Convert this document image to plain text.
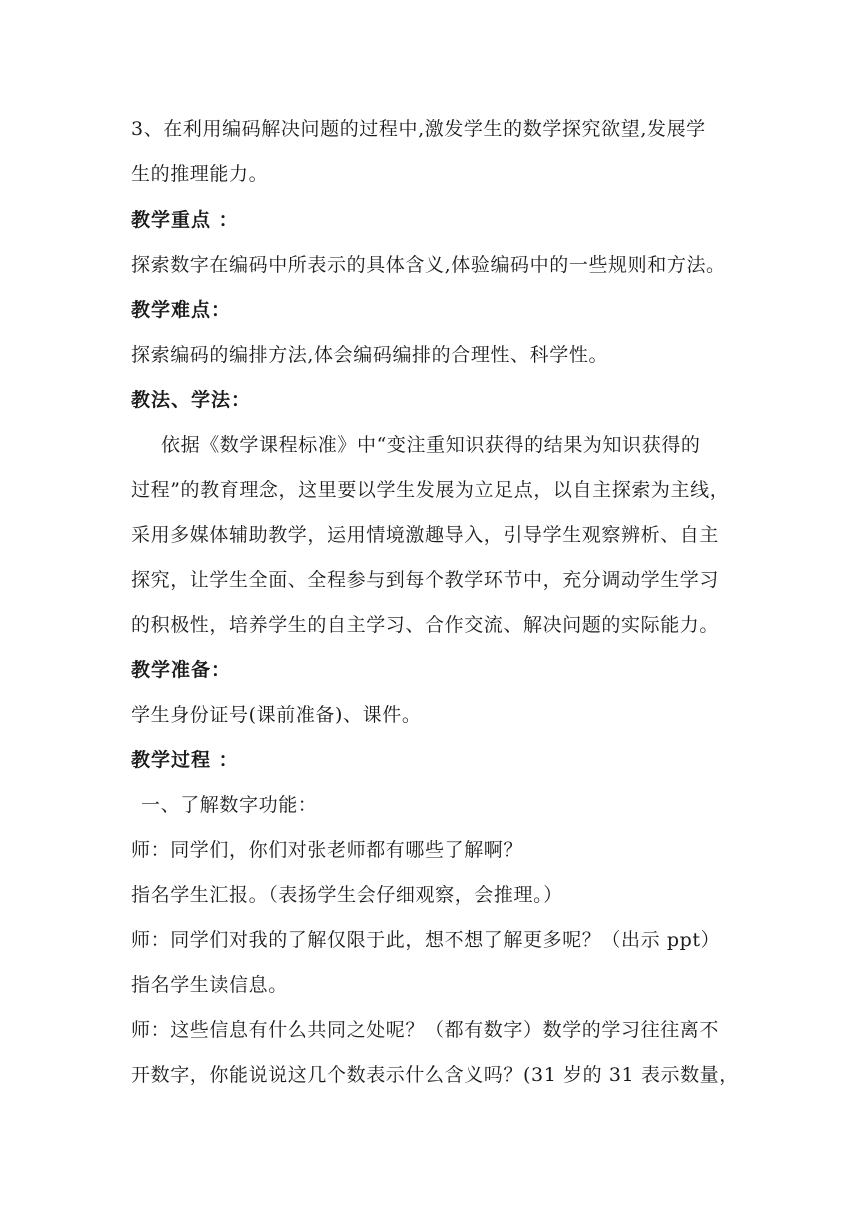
3、在利用编码解决问题的过程中,激发学生的数学探究欲望,发展学
生的推理能力。
教学重点 ：
探索数字在编码中所表示的具体含义,体验编码中的一些规则和方法。
教学难点：
探索编码的编排方法,体会编码编排的合理性、科学性。
教法、学法：
依据《数学课程标准》中“变注重知识获得的结果为知识获得的
过程”的教育理念，这里要以学生发展为立足点，以自主探索为主线，
采用多媒体辅助教学，运用情境激趣导入，引导学生观察辨析、自主
探究，让学生全面、全程参与到每个教学环节中，充分调动学生学习
的积极性，培养学生的自主学习、合作交流、解决问题的实际能力。
教学准备：
学生身份证号(课前准备)、课件。
教学过程 ：
一、了解数字功能：
师：同学们，你们对张老师都有哪些了解啊？
指名学生汇报。（表扬学生会仔细观察，会推理。）
师：同学们对我的了解仅限于此，想不想了解更多呢？（出示 ppt）
指名学生读信息。
师：这些信息有什么共同之处呢？（都有数字）数学的学习往往离不
开数字，你能说说这几个数表示什么含义吗？(31 岁的 31 表示数量，
